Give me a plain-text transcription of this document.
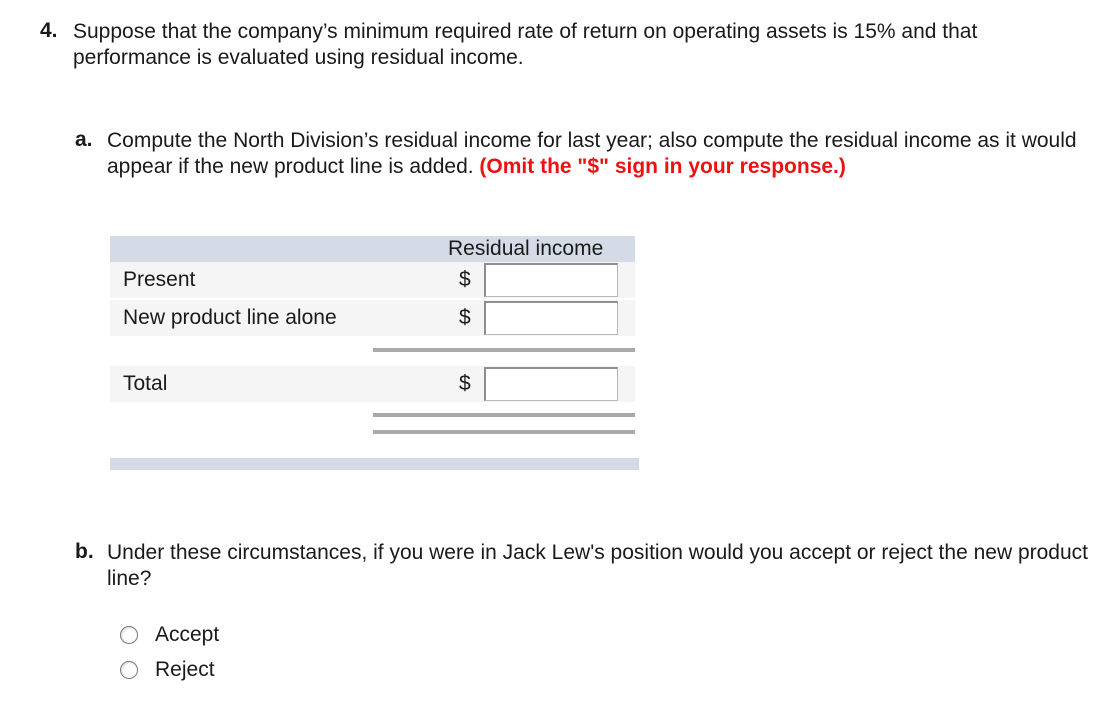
4. Suppose that the company’s minimum required rate of return on operating assets is 15% and that performance is evaluated using residual income.
a. Compute the North Division’s residual income for last year; also compute the residual income as it would appear if the new product line is added. (Omit the "$" sign in your response.)
Residual income
Present	$
New product line alone	$
Total	$
b. Under these circumstances, if you were in Jack Lew's position would you accept or reject the new product line?
Accept
Reject
